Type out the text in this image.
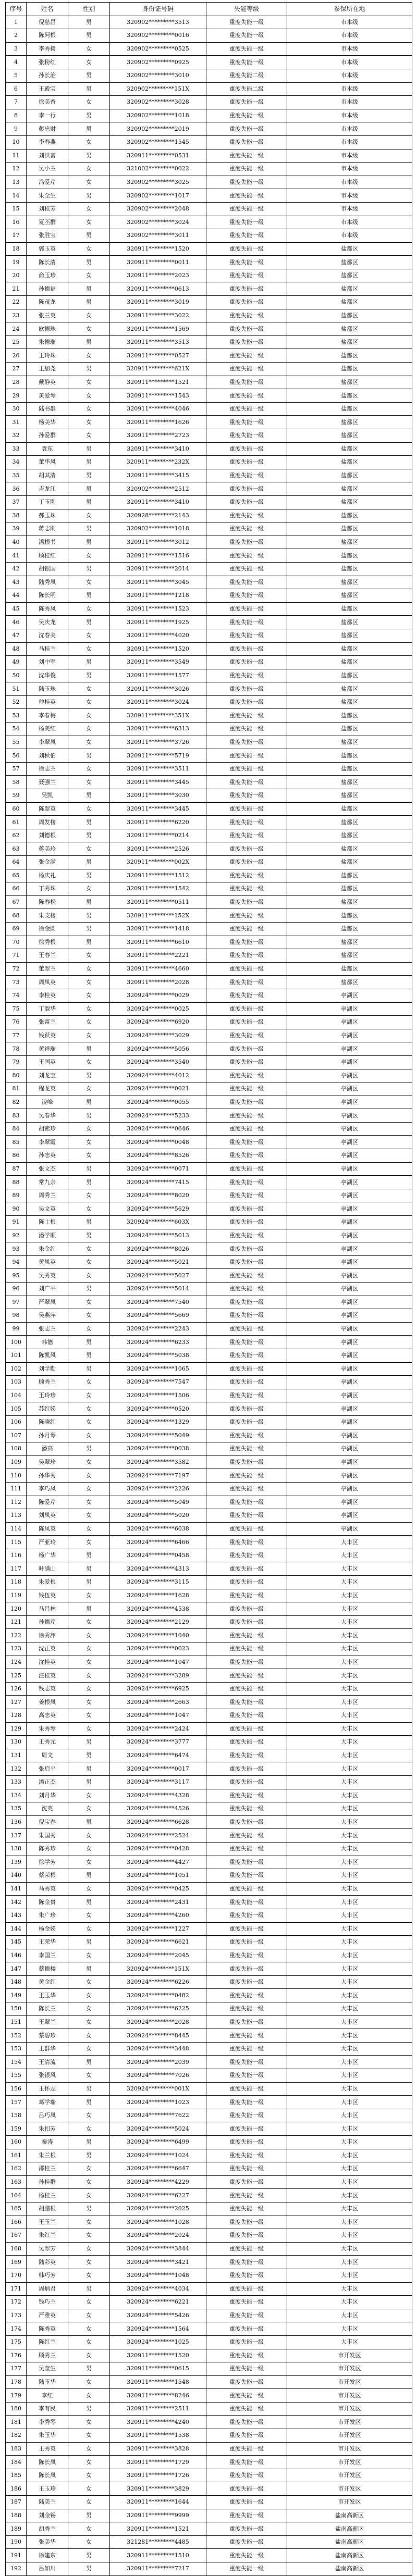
序号	姓名	性别	身份证号码	失能等级	参保所在地
1	倪慈昌	男	320902*********3513	重度失能一级	市本级
2	陈阿根	男	320902*********0016	重度失能一级	市本级
3	李秀树	女	320902*********0525	重度失能一级	市本级
4	张粉红	女	320902*********0925	重度失能一级	市本级
5	孙长治	男	320902*********3010	重度失能二级	市本级
6	王殿宝	男	320902*********151X	重度失能二级	市本级
7	徐美香	女	320902*********3028	重度失能一级	市本级
8	李一行	男	320902*********1018	重度失能一级	市本级
9	彭忠财	男	320902*********2019	重度失能一级	市本级
10	李春燕	女	320902*********1545	重度失能一级	市本级
11	刘洪富	男	320911*********0531	重度失能一级	市本级
12	吴小兰	女	321002*********0022	重度失能一级	市本级
13	冯爱芹	女	320902*********3025	重度失能一级	市本级
14	朱全生	男	320902*********1017	重度失能一级	市本级
15	刘桂芳	女	320902*********2048	重度失能一级	市本级
16	夏丕群	女	320902*********3024	重度失能一级	市本级
17	张胜宝	男	320902*********3011	重度失能一级	市本级
18	郭玉英	女	320911*********1520	重度失能一级	盐都区
19	陈长清	男	320911*********0011	重度失能一级	盐都区
20	俞玉珍	女	320911*********2023	重度失能一级	盐都区
21	孙德福	男	320911*********0613	重度失能一级	盐都区
22	陈茂龙	男	320911*********3019	重度失能一级	盐都区
23	张兰英	女	320911*********3022	重度失能一级	盐都区
24	欧德珠	女	320911*********1569	重度失能一级	盐都区
25	朱德瑞	男	320911*********3513	重度失能一级	盐都区
26	王玲珠	女	320911*********0527	重度失能一级	盐都区
27	王加尧	男	320911*********621X	重度失能一级	盐都区
28	戴静英	女	320911*********1521	重度失能一级	盐都区
29	黄爱琴	女	320911*********1543	重度失能一级	盐都区
30	陆书群	女	320911*********4046	重度失能一级	盐都区
31	杨美华	女	320911*********1626	重度失能一级	盐都区
32	孙爱群	女	320911*********2723	重度失能一级	盐都区
33	袁东	男	320911*********3410	重度失能一级	盐都区
34	董华风	男	320911*********232X	重度失能一级	盐都区
35	胡其清	男	320911*********3415	重度失能一级	盐都区
36	吉龙江	男	320902*********2512	重度失能一级	盐都区
37	丁玉刚	男	320911*********3410	重度失能一级	盐都区
38	郝玉珠	女	320928*********2143	重度失能一级	盐都区
39	蒋志刚	男	320902*********1018	重度失能一级	盐都区
40	潘根书	男	320911*********3012	重度失能一级	盐都区
41	顾桂红	女	320911*********1516	重度失能一级	盐都区
42	胡银国	男	320911*********2014	重度失能一级	盐都区
43	陆秀凤	女	320911*********3045	重度失能一级	盐都区
44	陈长明	男	320911*********1218	重度失能一级	盐都区
45	陈秀凤	女	320911*********1523	重度失能一级	盐都区
46	吴庆龙	男	320911*********1925	重度失能一级	盐都区
47	沈春美	女	320911*********4020	重度失能一级	盐都区
48	马桂兰	女	320911*********1520	重度失能一级	盐都区
49	刘中军	男	320911*********3549	重度失能一级	盐都区
50	沈华俊	男	320911*********1577	重度失能一级	盐都区
51	陆玉珠	女	320911*********3026	重度失能一级	盐都区
52	仲桂英	女	320911*********3024	重度失能一级	盐都区
53	李春梅	女	320911*********351X	重度失能一级	盐都区
54	杨美红	女	320911*********6313	重度失能一级	盐都区
55	李翠凤	女	320911*********3726	重度失能一级	盐都区
56	刘秋伯	男	320911*********5719	重度失能一级	盐都区
57	徐志兰	女	320911*********3511	重度失能一级	盐都区
58	聂强兰	女	320911*********3445	重度失能一级	盐都区
59	吴凯	男	320911*********3030	重度失能一级	盐都区
60	陈翠英	女	320911*********3445	重度失能一级	盐都区
61	周发楼	男	320911*********6220	重度失能一级	盐都区
62	刘德根	男	320911*********0214	重度失能一级	盐都区
63	蒋美玲	女	320911*********2526	重度失能一级	盐都区
64	张金满	男	320911*********002X	重度失能一级	盐都区
65	杨庆礼	男	320911*********1512	重度失能一级	盐都区
66	丁秀珠	女	320911*********1542	重度失能一级	盐都区
67	陈春松	男	320911*********0511	重度失能一级	盐都区
68	朱支楼	男	320911*********152X	重度失能一级	盐都区
69	徐金圆	男	320911*********1418	重度失能一级	盐都区
70	徐秀根	男	320911*********6610	重度失能一级	盐都区
71	王春兰	女	320911*********2221	重度失能一级	盐都区
72	董翠兰	女	320911*********4660	重度失能一级	盐都区
73	周凤英	女	320911*********2028	重度失能一级	盐都区
74	李桂英	女	320924*********0029	重度失能一级	亭湖区
75	丁淑华	女	320924*********0025	重度失能一级	亭湖区
76	张富兰	女	320924*********6920	重度失能一级	亭湖区
77	钱跃英	女	320924*********3029	重度失能一级	亭湖区
78	黄祥瑞	男	320924*********5056	重度失能一级	亭湖区
79	王国英	女	320924*********3540	重度失能一级	亭湖区
80	刘龙宝	男	320924*********4012	重度失能一级	亭湖区
81	程龙英	女	320924*********0021	重度失能一级	亭湖区
82	凌峰	男	320924*********0055	重度失能一级	亭湖区
83	吴春华	男	320924*********5233	重度失能一级	亭湖区
84	胡素珍	女	320924*********0646	重度失能一级	亭湖区
85	李翠霞	女	320924*********0048	重度失能一级	亭湖区
86	孙志英	女	320924*********8526	重度失能一级	亭湖区
87	张文杰	男	320924*********0071	重度失能一级	亭湖区
88	常九余	男	320924*********7415	重度失能一级	亭湖区
89	周秀兰	女	320924*********8020	重度失能一级	亭湖区
90	吴文英	女	320924*********5629	重度失能一级	亭湖区
91	陈士根	男	320924*********603X	重度失能一级	亭湖区
92	潘学顺	男	320924*********5013	重度失能一级	亭湖区
93	朱金红	女	320924*********8026	重度失能一级	亭湖区
94	黄凤英	女	320924*********5021	重度失能一级	亭湖区
95	吴秀英	女	320924*********5027	重度失能一级	亭湖区
96	刘广平	男	320924*********5014	重度失能一级	亭湖区
97	严翠凤	女	320924*********7540	重度失能一级	亭湖区
98	吴燕萍	女	320924*********5669	重度失能一级	亭湖区
99	张志兰	女	320924*********2243	重度失能一级	亭湖区
100	韩德	男	320924*********6233	重度失能一级	亭湖区
101	陈凯风	男	320924*********5038	重度失能一级	亭湖区
102	刘学勤	男	320924*********1065	重度失能一级	亭湖区
103	顾秀兰	女	320924*********7547	重度失能一级	亭湖区
104	王玲珍	女	320924*********1506	重度失能一级	亭湖区
105	苏红娣	女	320924*********0520	重度失能一级	亭湖区
106	陈晓红	女	320924*********1329	重度失能一级	亭湖区
107	孙月琴	女	320924*********5049	重度失能一级	亭湖区
108	潘高	男	320924*********0038	重度失能一级	亭湖区
109	吴翠珍	女	320924*********3582	重度失能一级	亭湖区
110	孙华秀	女	320924*********7197	重度失能一级	亭湖区
111	李巧凤	女	320924*********2226	重度失能一级	亭湖区
112	陈爱芹	女	320924*********5049	重度失能一级	亭湖区
113	刘凤英	女	320924*********5020	重度失能一级	亭湖区
114	陈凤英	女	320924*********6038	重度失能一级	亭湖区
115	严亚玲	女	320924*********6466	重度失能一级	大丰区
116	杨广华	男	320924*********0458	重度失能一级	大丰区
117	叶满山	男	320924*********4313	重度失能一级	大丰区
118	朱爱根	男	320924*********3115	重度失能一级	大丰区
119	钱伍英	女	320924*********1628	重度失能一级	大丰区
120	马吕林	男	320924*********4538	重度失能一级	大丰区
121	孙德芹	女	320924*********2129	重度失能一级	大丰区
122	徐秀萍	女	320924*********1040	重度失能一级	大丰区
123	沈正英	女	320924*********0023	重度失能一级	大丰区
124	沈桂英	女	320924*********1047	重度失能一级	大丰区
125	汪桂英	女	320924*********3289	重度失能一级	大丰区
126	钱志英	女	320924*********6925	重度失能一级	大丰区
127	姜根凤	女	320924*********2663	重度失能一级	大丰区
128	高志英	女	320924*********1047	重度失能一级	大丰区
129	朱秀琴	女	320924*********2424	重度失能一级	大丰区
130	王秀元	男	320924*********3777	重度失能一级	大丰区
131	周文	男	320924*********6474	重度失能一级	大丰区
132	张启平	男	320924*********0017	重度失能一级	大丰区
133	潘正杰	男	320924*********3117	重度失能一级	大丰区
134	刘月华	女	320924*********4328	重度失能一级	大丰区
135	沈英	女	320924*********4526	重度失能一级	大丰区
136	倪宝春	男	320924*********6628	重度失能一级	大丰区
137	朱国秀	女	320924*********2524	重度失能一级	大丰区
138	陈秀珍	女	320924*********0428	重度失能一级	大丰区
139	徐学芳	女	320924*********4427	重度失能一级	大丰区
140	蔡荣根	男	320924*********1051	重度失能一级	大丰区
141	马秀英	女	320924*********0425	重度失能一级	大丰区
142	陈金贵	男	320924*********2431	重度失能一级	大丰区
143	朱广珍	女	320924*********4260	重度失能一级	大丰区
144	杨金娣	女	320924*********1227	重度失能一级	大丰区
145	王荣华	男	320924*********6621	重度失能一级	大丰区
146	李国兰	女	320924*********2045	重度失能一级	大丰区
147	蔡德楼	男	320924*********151X	重度失能一级	大丰区
148	黄金红	女	320924*********6226	重度失能一级	大丰区
149	王玉华	女	320924*********0482	重度失能一级	大丰区
150	陈长兰	女	320924*********6225	重度失能一级	大丰区
151	王翠兰	女	320924*********2028	重度失能一级	大丰区
152	蔡碧珍	女	320924*********8445	重度失能一级	大丰区
153	王群华	女	320924*********3448	重度失能一级	大丰区
154	王清流	男	320924*********2039	重度失能一级	大丰区
155	张银风	女	320924*********7026	重度失能一级	大丰区
156	王怀志	男	320924*********001X	重度失能一级	大丰区
157	葛学瑞	男	320924*********1023	重度失能一级	大丰区
158	吕巧凤	女	320924*********7622	重度失能一级	大丰区
159	朱扣芳	女	320924*********5024	重度失能一级	大丰区
160	秦涛	男	320924*********6499	重度失能一级	大丰区
161	朱兰根	男	320924*********1024	重度失能一级	大丰区
162	邵桂兰	女	320924*********6647	重度失能一级	大丰区
163	孙桂群	女	320924*********4229	重度失能一级	大丰区
164	杨桂兰	女	320924*********6227	重度失能一级	大丰区
165	胡腊根	男	320924*********2025	重度失能一级	大丰区
166	王玉兰	女	320924*********1028	重度失能一级	大丰区
167	朱红兰	女	320924*********2024	重度失能一级	大丰区
168	吴翠芳	女	320924*********3844	重度失能一级	大丰区
169	陆彩英	女	320924*********3421	重度失能一级	大丰区
170	韩巧芳	女	320924*********1048	重度失能一级	大丰区
171	周炳君	男	320924*********4034	重度失能一级	大丰区
172	钱巧兰	女	320924*********6221	重度失能一级	大丰区
173	严雅英	女	320924*********5426	重度失能一级	大丰区
174	陈秀英	女	320924*********1564	重度失能一级	大丰区
175	陈红兰	女	320924*********1025	重度失能一级	大丰区
176	顾秀兰	女	320911*********1520	重度失能一级	市开发区
177	吴奎生	男	320911*********0615	重度失能一级	市开发区
178	陆玉华	女	320911*********1548	重度失能一级	市开发区
179	李红	女	320911*********8246	重度失能一级	市开发区
180	李有民	男	320911*********2511	重度失能一级	市开发区
181	李秀琴	女	320911*********4240	重度失能一级	市开发区
182	朱玉华	女	320911*********1538	重度失能一级	市开发区
183	王秀英	女	320911*********3828	重度失能一级	市开发区
184	陈长凤	女	320911*********1729	重度失能一级	市开发区
185	陈长凤	女	320911*********1726	重度失能一级	市开发区
186	王玉珍	女	320911*********3829	重度失能一级	市开发区
187	陆美兰	女	320911*********1644	重度失能一级	市开发区
188	刘金锡	男	320911*********9999	重度失能一级	盐南高新区
189	胡秀兰	女	320911*********1521	重度失能一级	盐南高新区
190	张美华	女	321281*********4485	重度失能一级	盐南高新区
191	徐建东	男	320911*********1510	重度失能一级	盐南高新区
192	吕如川	男	320911*********7217	重度失能一级	盐南高新区
